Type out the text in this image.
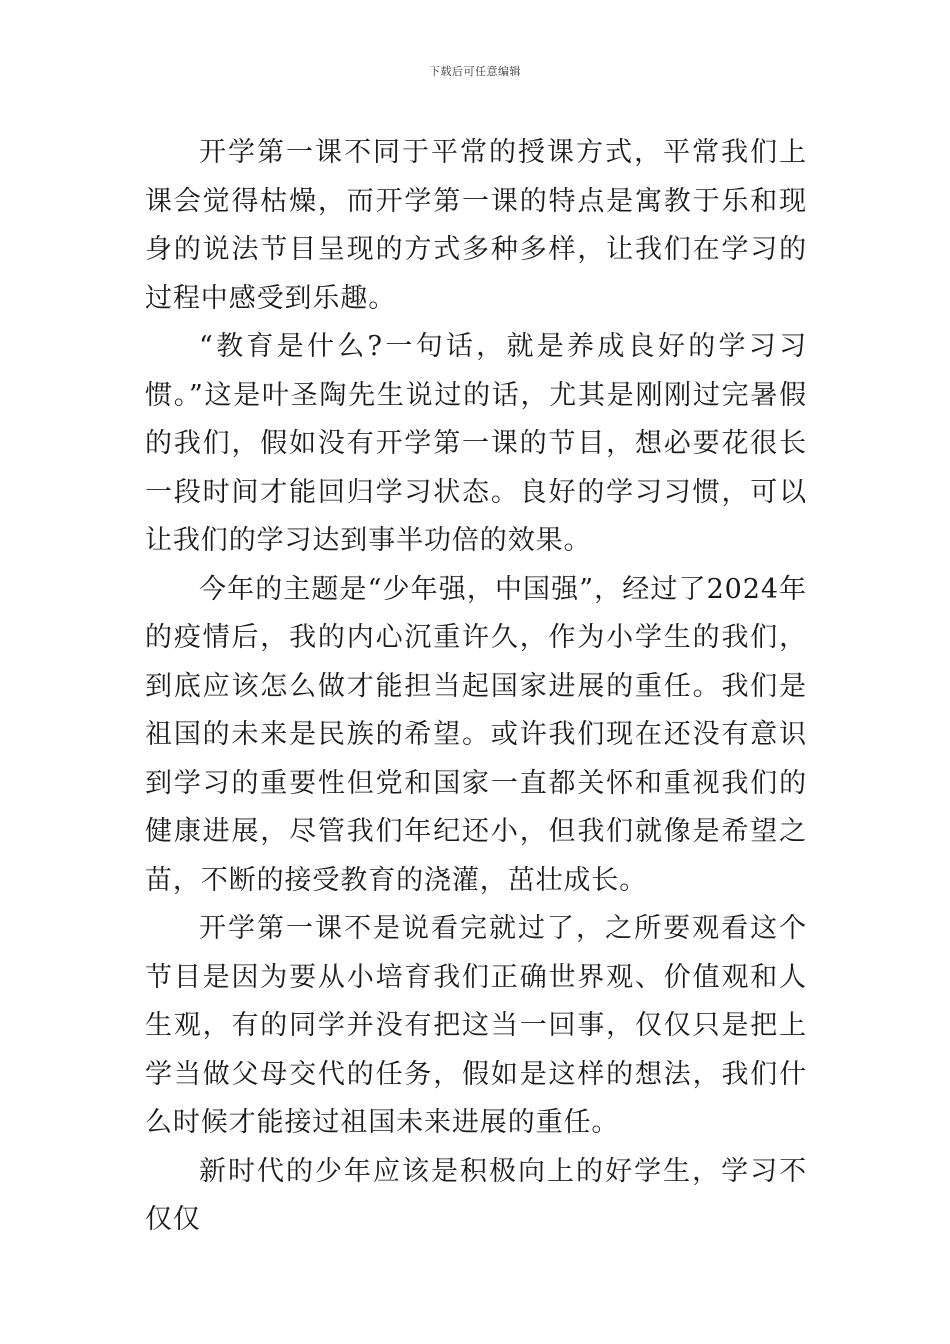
下载后可任意编辑

开学第一课不同于平常的授课方式，平常我们上课会觉得枯燥，而开学第一课的特点是寓教于乐和现身的说法节目呈现的方式多种多样，让我们在学习的过程中感受到乐趣。

“教育是什么?一句话，就是养成良好的学习习惯。”这是叶圣陶先生说过的话，尤其是刚刚过完暑假的我们，假如没有开学第一课的节目，想必要花很长一段时间才能回归学习状态。良好的学习习惯，可以让我们的学习达到事半功倍的效果。

今年的主题是“少年强，中国强”，经过了2024年的疫情后，我的内心沉重许久，作为小学生的我们，到底应该怎么做才能担当起国家进展的重任。我们是祖国的未来是民族的希望。或许我们现在还没有意识到学习的重要性但党和国家一直都关怀和重视我们的健康进展，尽管我们年纪还小，但我们就像是希望之苗，不断的接受教育的浇灌，茁壮成长。

开学第一课不是说看完就过了，之所要观看这个节目是因为要从小培育我们正确世界观、价值观和人生观，有的同学并没有把这当一回事，仅仅只是把上学当做父母交代的任务，假如是这样的想法，我们什么时候才能接过祖国未来进展的重任。

新时代的少年应该是积极向上的好学生，学习不仅仅
